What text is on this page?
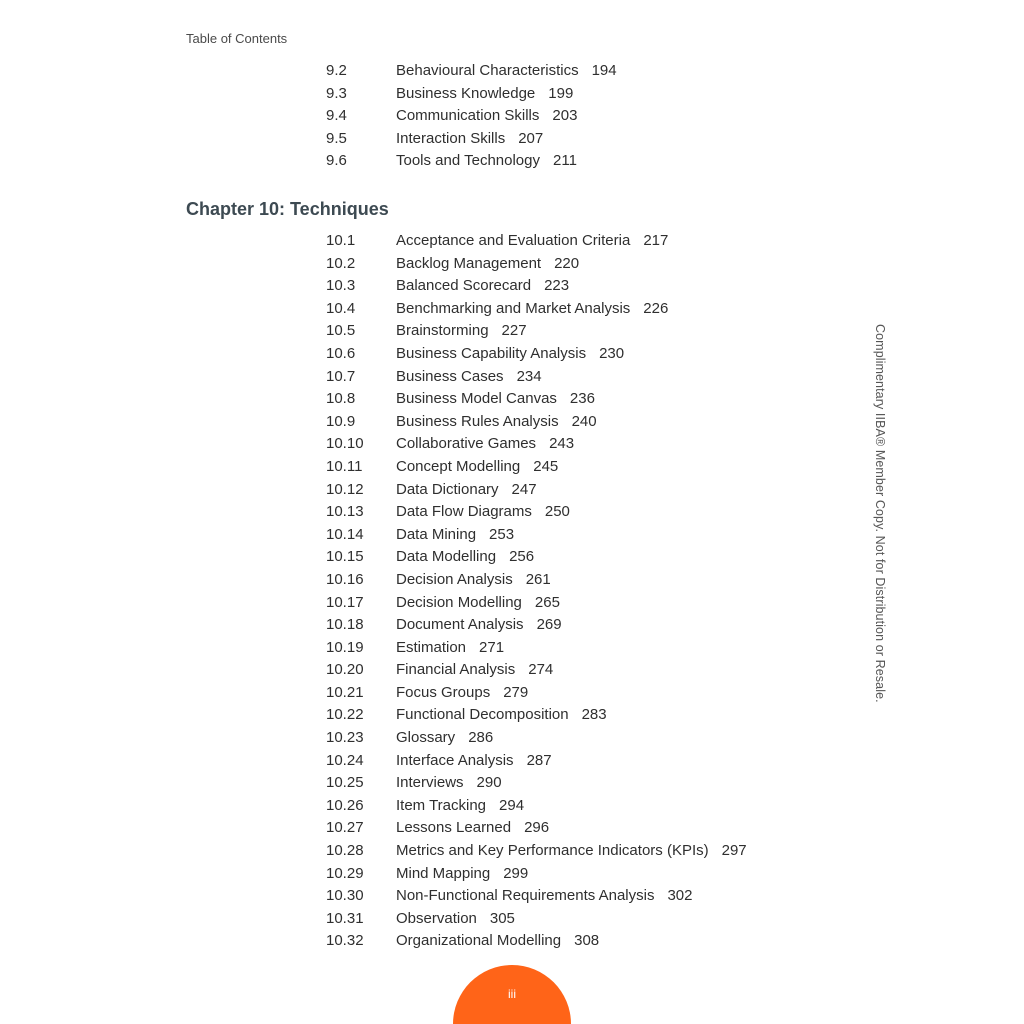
Table of Contents
9.2	Behavioural Characteristics 194
9.3	Business Knowledge 199
9.4	Communication Skills 203
9.5	Interaction Skills 207
9.6	Tools and Technology 211
Chapter 10: Techniques
10.1	Acceptance and Evaluation Criteria 217
10.2	Backlog Management 220
10.3	Balanced Scorecard 223
10.4	Benchmarking and Market Analysis 226
10.5	Brainstorming 227
10.6	Business Capability Analysis 230
10.7	Business Cases 234
10.8	Business Model Canvas 236
10.9	Business Rules Analysis 240
10.10	Collaborative Games 243
10.11	Concept Modelling 245
10.12	Data Dictionary 247
10.13	Data Flow Diagrams 250
10.14	Data Mining 253
10.15	Data Modelling 256
10.16	Decision Analysis 261
10.17	Decision Modelling 265
10.18	Document Analysis 269
10.19	Estimation 271
10.20	Financial Analysis 274
10.21	Focus Groups 279
10.22	Functional Decomposition 283
10.23	Glossary 286
10.24	Interface Analysis 287
10.25	Interviews 290
10.26	Item Tracking 294
10.27	Lessons Learned 296
10.28	Metrics and Key Performance Indicators (KPIs) 297
10.29	Mind Mapping 299
10.30	Non-Functional Requirements Analysis 302
10.31	Observation 305
10.32	Organizational Modelling 308
Complimentary IIBA® Member Copy. Not for Distribution or Resale.
iii
